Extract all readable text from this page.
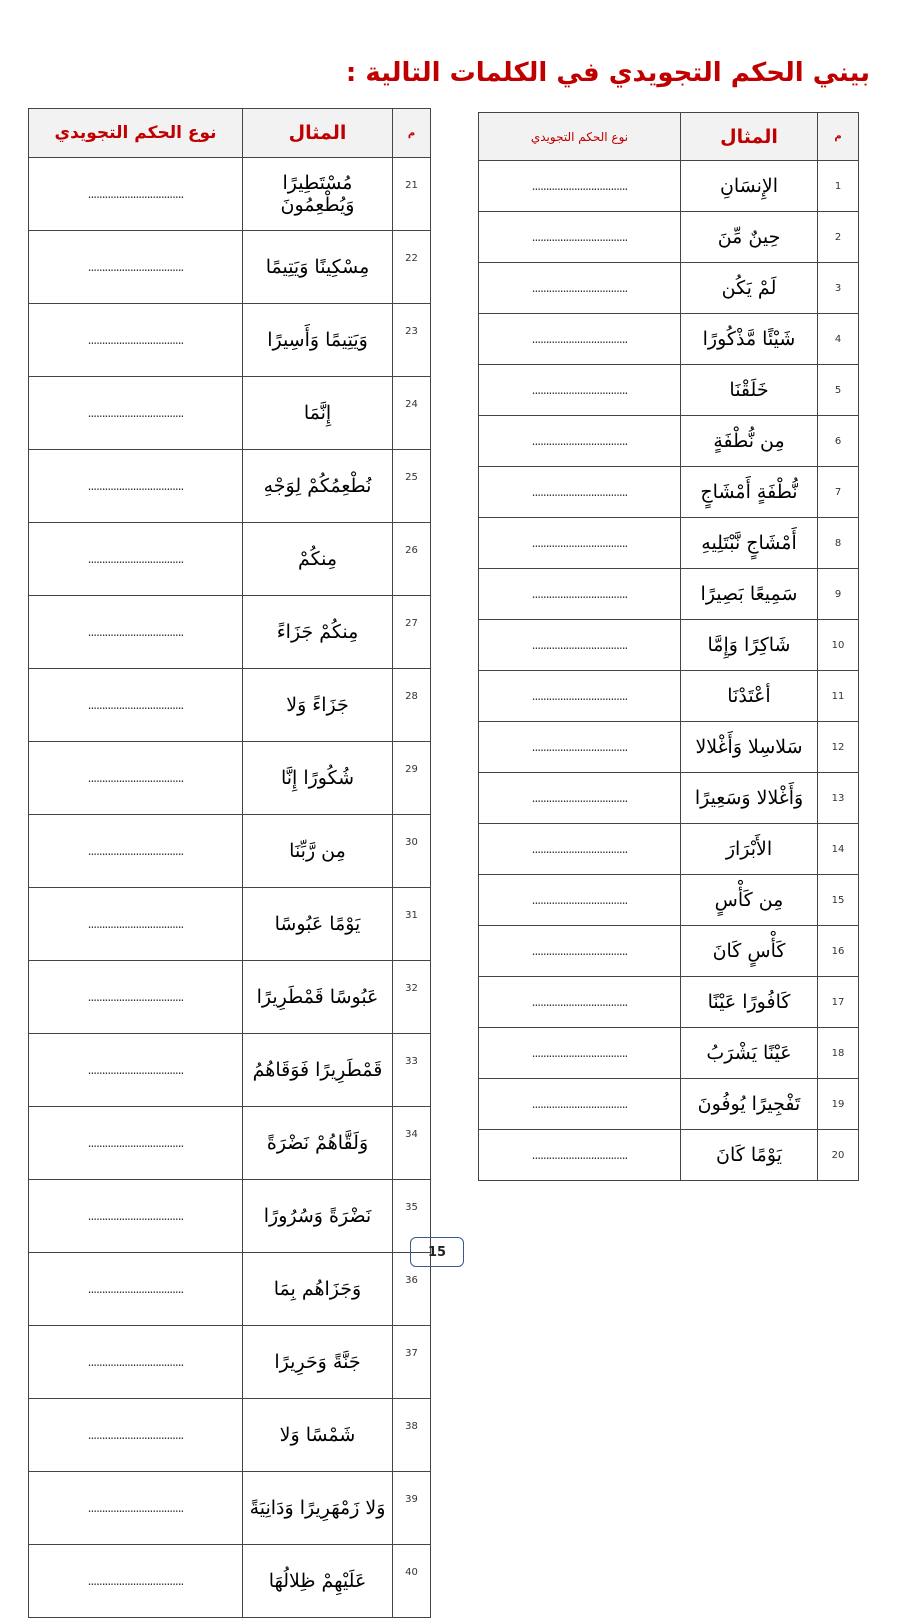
بيني الحكم التجويدي في الكلمات التالية :
م	المثال	نوع الحكم التجويدي
21	مُسْتَطِيرًا وَيُطْعِمُونَ	..................................
22	مِسْكِينًا وَيَتِيمًا	..................................
23	وَيَتِيمًا وَأَسِيرًا	..................................
24	إِنَّمَا	..................................
25	نُطْعِمُكُمْ لِوَجْهِ	..................................
26	مِنكُمْ	..................................
27	مِنكُمْ جَزَاءً	..................................
28	جَزَاءً وَلا	..................................
29	شُكُورًا إِنَّا	..................................
30	مِن رَّبِّنَا	..................................
31	يَوْمًا عَبُوسًا	..................................
32	عَبُوسًا قَمْطَرِيرًا	..................................
33	قَمْطَرِيرًا فَوَقَاهُمُ	..................................
34	وَلَقَّاهُمْ نَضْرَةً	..................................
35	نَضْرَةً وَسُرُورًا	..................................
36	وَجَزَاهُم بِمَا	..................................
37	جَنَّةً وَحَرِيرًا	..................................
38	شَمْسًا وَلا	..................................
39	وَلا زَمْهَرِيرًا وَدَانِيَةً	..................................
40	عَلَيْهِمْ ظِلالُهَا	..................................
م	المثال	نوع الحكم التجويدي
1	الإِنسَانِ	..................................
2	حِينٌ مِّنَ	..................................
3	لَمْ يَكُن	..................................
4	شَيْئًا مَّذْكُورًا	..................................
5	خَلَقْنَا	..................................
6	مِن نُّطْفَةٍ	..................................
7	نُّطْفَةٍ أَمْشَاجٍ	..................................
8	أَمْشَاجٍ نَّبْتَلِيهِ	..................................
9	سَمِيعًا بَصِيرًا	..................................
10	شَاكِرًا وَإِمَّا	..................................
11	أعْتَدْنَا	..................................
12	سَلاسِلا وَأَغْلالا	..................................
13	وَأَغْلالا وَسَعِيرًا	..................................
14	الأَبْرَارَ	..................................
15	مِن كَأْسٍ	..................................
16	كَأْسٍ كَانَ	..................................
17	كَافُورًا عَيْنًا	..................................
18	عَيْنًا يَشْرَبُ	..................................
19	تَفْجِيرًا يُوفُونَ	..................................
20	يَوْمًا كَانَ	..................................
15
